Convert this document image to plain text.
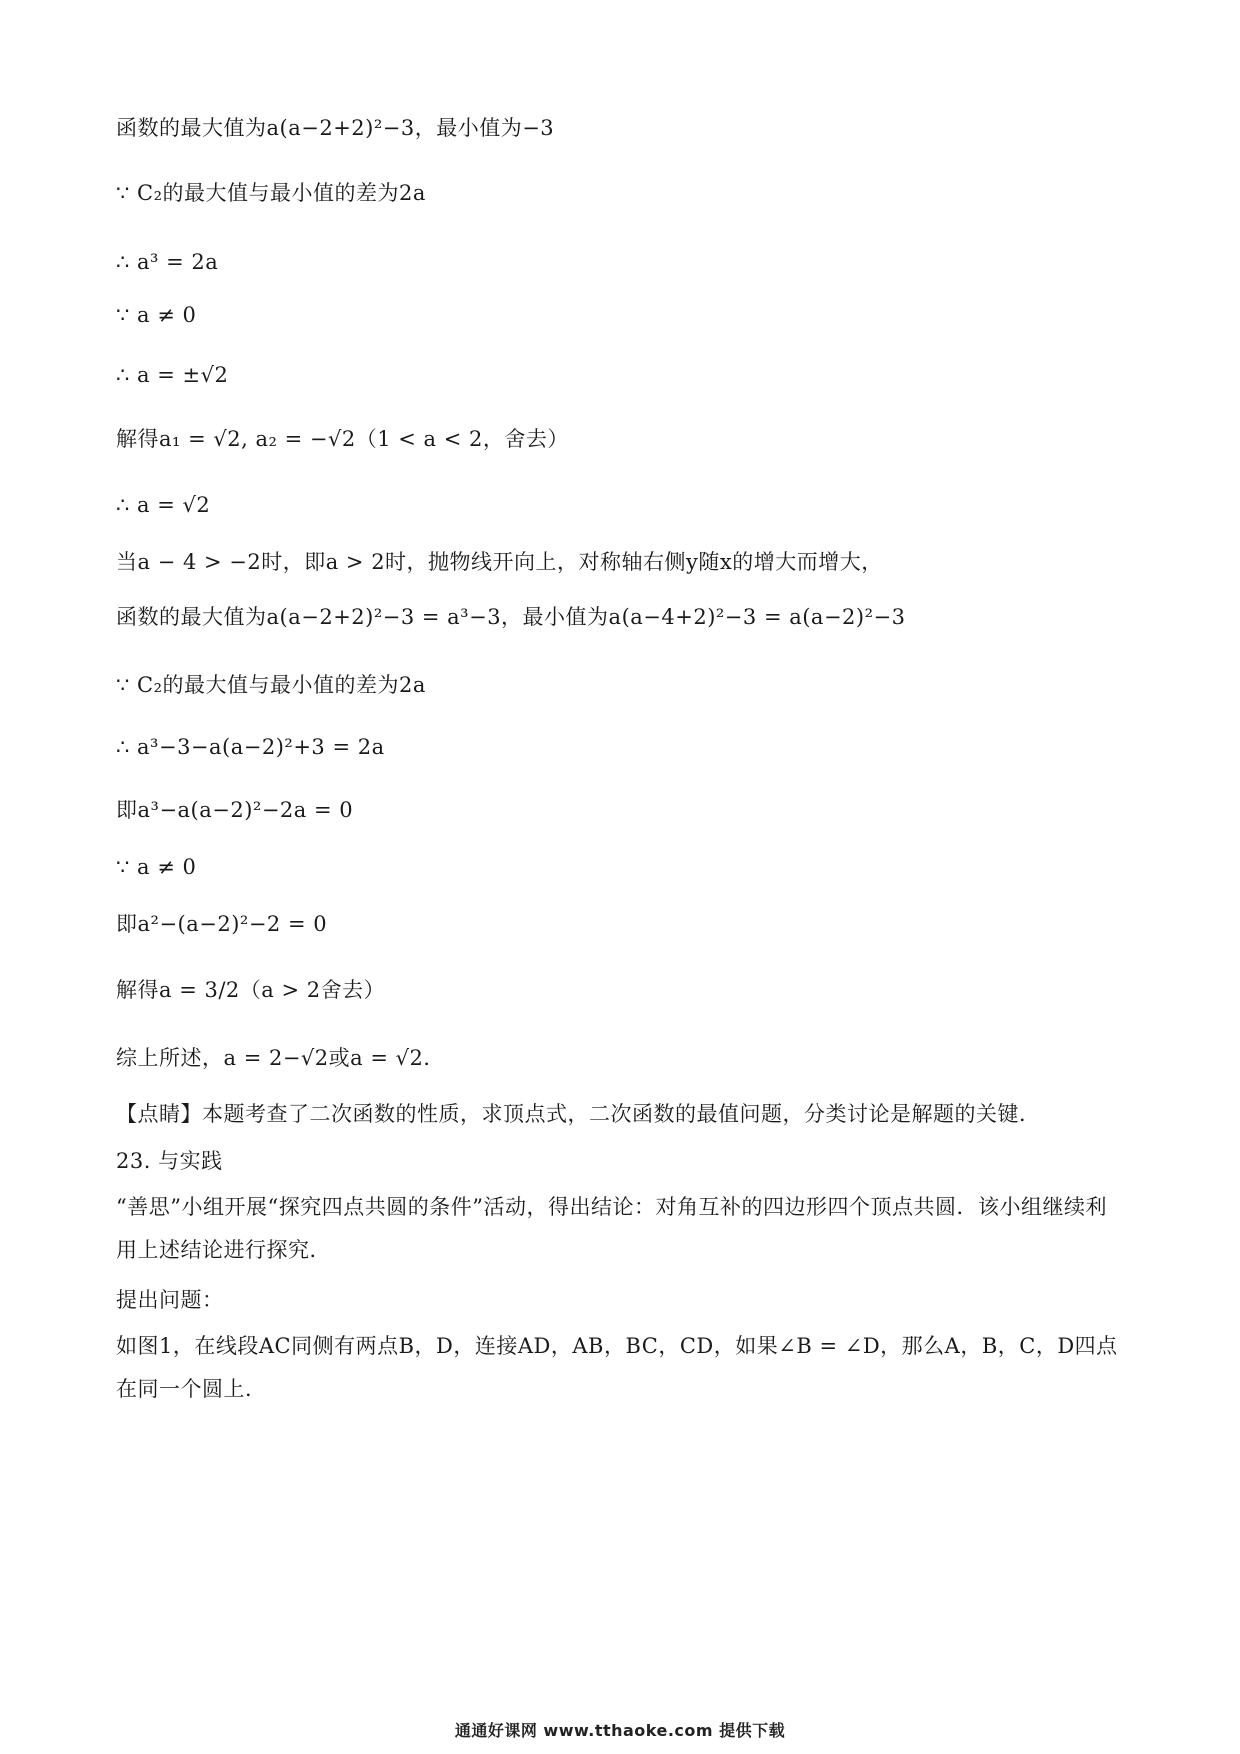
函数的最大值为a(a−2+2)²−3，最小值为−3
∵ C₂的最大值与最小值的差为2a
∴ a³ = 2a
∵ a ≠ 0
∴ a = ±√2
解得a₁ = √2, a₂ = −√2（1 < a < 2，舍去）
∴ a = √2
当a − 4 > −2时，即a > 2时，抛物线开向上，对称轴右侧y随x的增大而增大，
函数的最大值为a(a−2+2)²−3 = a³−3，最小值为a(a−4+2)²−3 = a(a−2)²−3
∵ C₂的最大值与最小值的差为2a
∴ a³−3−a(a−2)²+3 = 2a
即a³−a(a−2)²−2a = 0
∵ a ≠ 0
即a²−(a−2)²−2 = 0
解得a = 3/2（a > 2舍去）
综上所述，a = 2−√2或a = √2．
【点睛】本题考查了二次函数的性质，求顶点式，二次函数的最值问题，分类讨论是解题的关键．
23. 与实践
“善思”小组开展“探究四点共圆的条件”活动，得出结论：对角互补的四边形四个顶点共圆．该小组继续利用上述结论进行探究．
提出问题：
如图1，在线段AC同侧有两点B，D，连接AD，AB，BC，CD，如果∠B = ∠D，那么A，B，C，D四点在同一个圆上．
通通好课网 www.tthaoke.com 提供下载
